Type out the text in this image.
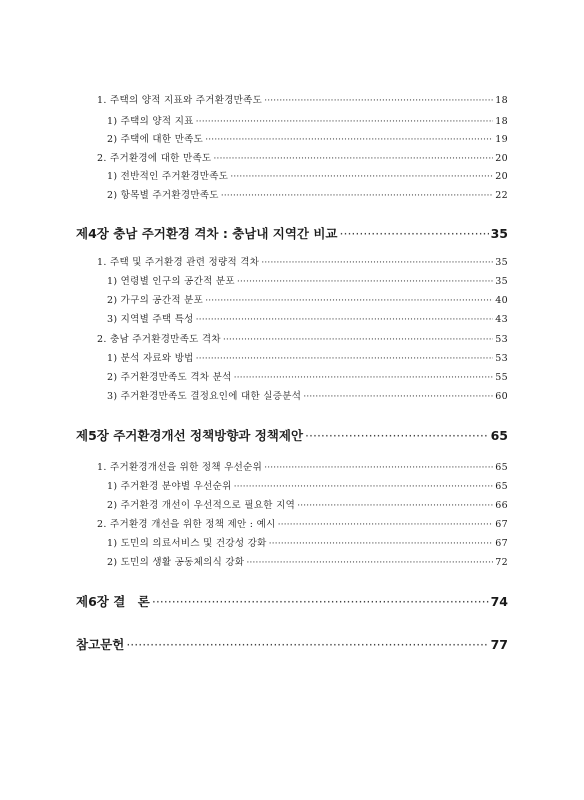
1. 주택의 양적 지표와 주거환경만족도 ·····	18
1) 주택의 양적 지표 ·····	18
2) 주택에 대한 만족도 ·····	19
2. 주거환경에 대한 만족도 ·····	20
1) 전반적인 주거환경만족도 ·····	20
2) 항목별 주거환경만족도 ·····	22
제4장 충남 주거환경 격차 : 충남내 지역간 비교 ·····	35
1. 주택 및 주거환경 관련 정량적 격차 ·····	35
1) 연령별 인구의 공간적 분포 ·····	35
2) 가구의 공간적 분포 ·····	40
3) 지역별 주택 특성 ·····	43
2. 충남 주거환경만족도 격차 ·····	53
1) 분석 자료와 방법 ·····	53
2) 주거환경만족도 격차 분석 ·····	55
3) 주거환경만족도 결정요인에 대한 실증분석 ·····	60
제5장 주거환경개선 정책방향과 정책제안 ·····	65
1. 주거환경개선을 위한 정책 우선순위 ·····	65
1) 주거환경 분야별 우선순위 ·····	65
2) 주거환경 개선이 우선적으로 필요한 지역 ·····	66
2. 주거환경 개선을 위한 정책 제안 : 예시 ·····	67
1) 도민의 의료서비스 및 건강성 강화 ·····	67
2) 도민의 생활 공동체의식 강화 ·····	72
제6장 결　론 ·····	74
참고문헌 ·····	77
